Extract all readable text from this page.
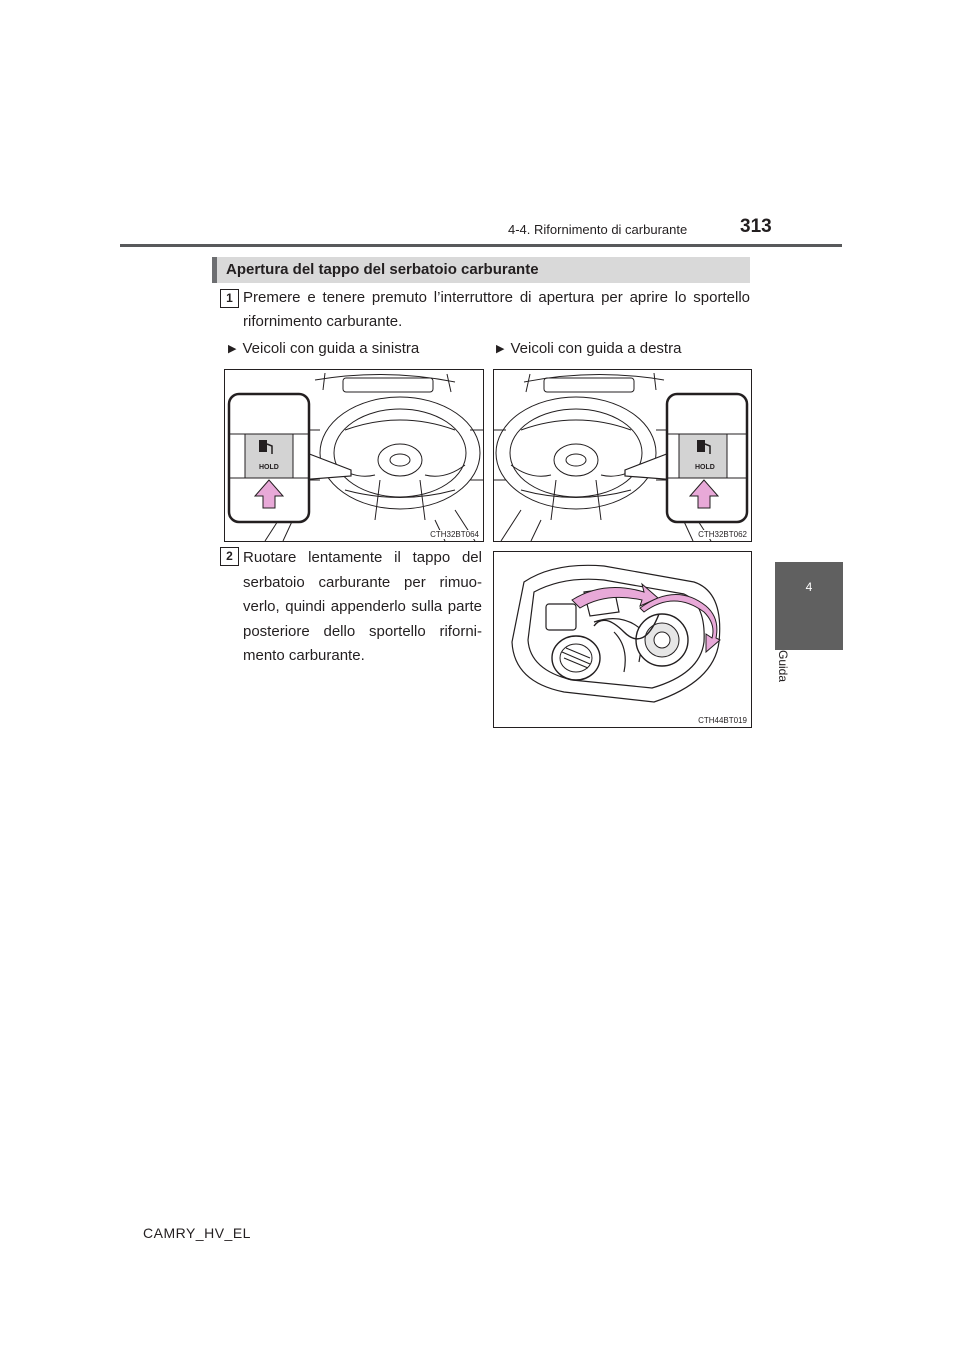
4-4. Rifornimento di carburante	313
4
Guida
Apertura del tappo del serbatoio carburante
1 Premere e tenere premuto l’interruttore di apertura per aprire lo sportello rifornimento carburante.
▶ Veicoli con guida a sinistra	▶ Veicoli con guida a destra
HOLD
CTH32BT064
HOLD
CTH32BT062
2 Ruotare lentamente il tappo del serbatoio carburante per rimuo-verlo, quindi appenderlo sulla parte posteriore dello sportello riforni-mento carburante.
CTH44BT019
CAMRY_HV_EL
